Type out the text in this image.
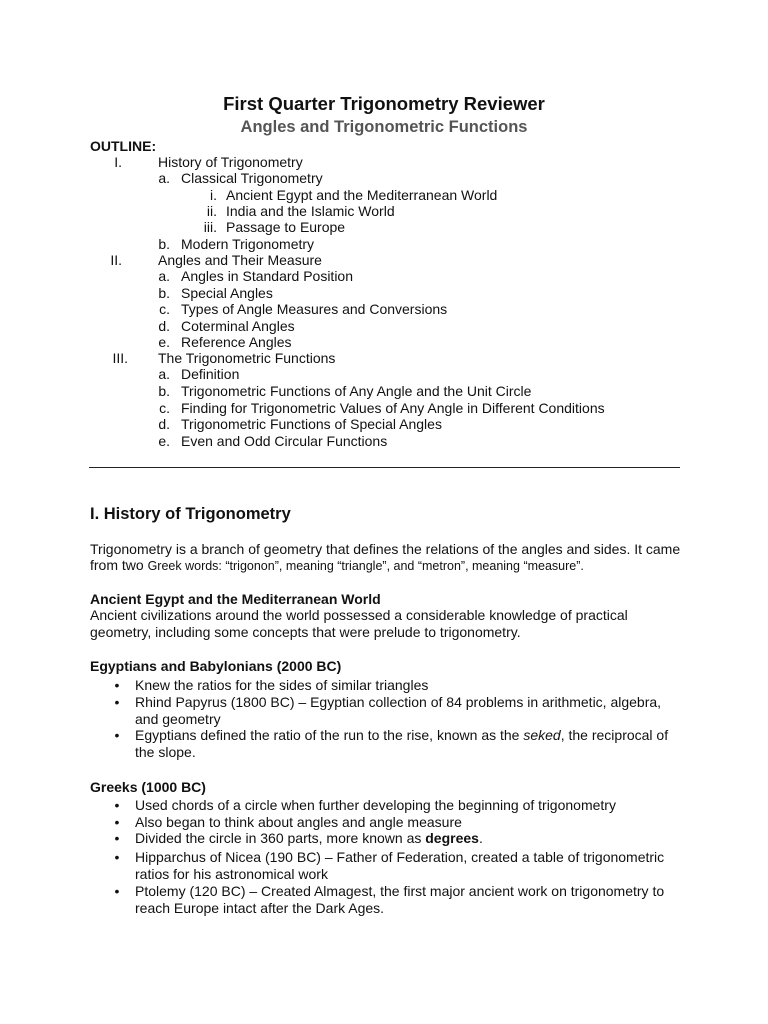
First Quarter Trigonometry Reviewer
Angles and Trigonometric Functions
OUTLINE:
I.	History of Trigonometry
a. Classical Trigonometry
i. Ancient Egypt and the Mediterranean World
ii. India and the Islamic World
iii. Passage to Europe
b. Modern Trigonometry
II.	Angles and Their Measure
a. Angles in Standard Position
b. Special Angles
c. Types of Angle Measures and Conversions
d. Coterminal Angles
e. Reference Angles
III. The Trigonometric Functions
a. Definition
b. Trigonometric Functions of Any Angle and the Unit Circle
c. Finding for Trigonometric Values of Any Angle in Different Conditions
d. Trigonometric Functions of Special Angles
e. Even and Odd Circular Functions
I. History of Trigonometry
Trigonometry is a branch of geometry that defines the relations of the angles and sides. It came
from two Greek words: “trigonon”, meaning “triangle”, and “metron”, meaning “measure”.
Ancient Egypt and the Mediterranean World
Ancient civilizations around the world possessed a considerable knowledge of practical geometry, including some concepts that were prelude to trigonometry.
Egyptians and Babylonians (2000 BC)
• Knew the ratios for the sides of similar triangles
• Rhind Papyrus (1800 BC) – Egyptian collection of 84 problems in arithmetic, algebra, and geometry
• Egyptians defined the ratio of the run to the rise, known as the seked, the reciprocal of the slope.
Greeks (1000 BC)
• Used chords of a circle when further developing the beginning of trigonometry
• Also began to think about angles and angle measure
• Divided the circle in 360 parts, more known as degrees.
• Hipparchus of Nicea (190 BC) – Father of Federation, created a table of trigonometric ratios for his astronomical work
• Ptolemy (120 BC) – Created Almagest, the first major ancient work on trigonometry to reach Europe intact after the Dark Ages.
